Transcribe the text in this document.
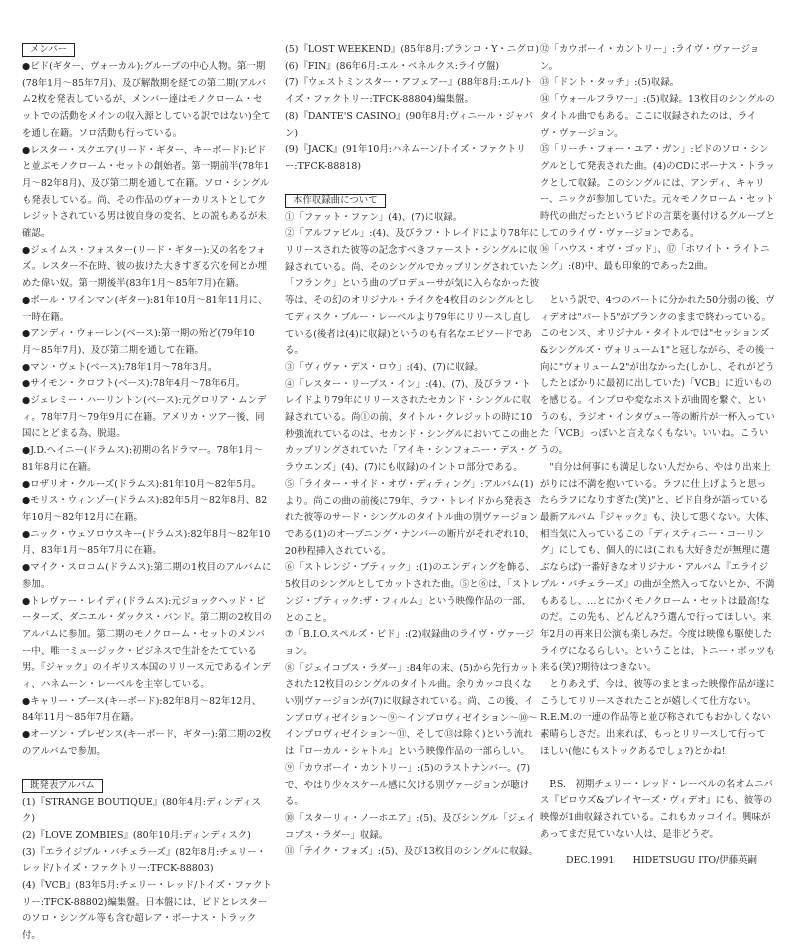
メンバー
●ピド(ギター、ヴォーカル):グループの中心人物。第一期(78年1月〜85年7月)、及び解散期を経ての第二期(アルバム2枚を発表しているが、メンバー達はモノクローム・セットでの活動をメインの収入源としている訳ではない)全てを通し在籍。ソロ活動も行っている。
●レスター・スクエア(リード・ギター、キーボード):ビドと並ぶモノクローム・セットの創始者。第一期前半(78年1月〜82年8月)、及び第二期を通して在籍。ソロ・シングルも発表している。尚、その作品のヴォーカリストとしてクレジットされている男は彼自身の変名、との説もあるが未確認。
●ジェイムス・フォスター(リード・ギター):又の名をフォズ。レスター不在時、彼の抜けた大きすぎる穴を何とか埋めた偉い奴。第一期後半(83年1月〜85年7月)在籍。
●ボール・ワインマン(ギター):81年10月〜81年11月に、一時在籍。
●アンディ・ウォーレン(ベース):第一期の殆ど(79年10月〜85年7月)、及び第二期を通して在籍。
●マン・ヴェト(ベース):78年1月〜78年3月。
●サイモン・クロフト(ベース):78年4月〜78年6月。
●ジェレミー・ハーリントン(ベース):元グロリア・ムンディ。78年7月〜79年9月に在籍。アメリカ・ツアー後、同国にとどまる為、脱退。
●J.D.ヘイニー(ドラムス):初期の名ドラマー。78年1月〜81年8月に在籍。
●ロザリオ・クルーズ(ドラムス):81年10月〜82年5月。
●モリス・ウィンゾー(ドラムス):82年5月〜82年8月、82年10月〜82年12月に在籍。
●ニック・ウェソロウスキー(ドラムス):82年8月〜82年10月、83年1月〜85年7月に在籍。
●マイク・スロコム(ドラムス):第二期の1枚目のアルバムに参加。
●トレヴァー・レイディ(ドラムス):元ジョックヘッド・ピーターズ、ダニエル・ダックス・バンド。第二期の2枚目のアルバムに参加。第二期のモノクローム・セットのメンバー中、唯一ミュージック・ビジネスで生計をたてている男。『ジャック』のイギリス本国のリリース元であるインディ、ハネムーン・レーベルを主宰している。
●キャリー・ブース(キーボード):82年8月〜82年12月、84年11月〜85年7月在籍。
●オーソン・プレゼンス(キーボード、ギター):第二期の2枚のアルバムで参加。
既発表アルバム
(1)『STRANGE BOUTIQUE』(80年4月:ディンディスク)
(2)『LOVE ZOMBIES』(80年10月:ディンディスク)
(3)『エライジブル・バチェラーズ』(82年8月:チェリー・レッド/トイズ・ファクトリー:TFCK-88803)
(4)『VCB』(83年5月:チェリー・レッド/トイズ・ファクトリー:TFCK-88802)編集盤。日本盤には、ビドとレスターのソロ・シングル等も含む超レア・ボーナス・トラック付。
(5)『LOST WEEKEND』(85年8月:ブランコ・Y・ニグロ)
(6)『FIN』(86年6月:エル・ベネルクス:ライヴ盤)
(7)『ウェストミンスター・アフェアー』(88年8月:エル/トイズ・ファクトリー:TFCK-88804)編集盤。
(8)『DANTE'S CASINO』(90年8月:ヴィニール・ジャパン)
(9)『JACK』(91年10月:ハネムーン/トイズ・ファクトリー:TFCK-88818)
本作収録曲について
①「ファット・ファン」(4)、(7)に収録。
②「アルファビル」:(4)、及びラフ・トレイドにより78年にリリースされた彼等の記念すべきファースト・シングルに収録されている。尚、そのシングルでカップリングされていた「フランク」という曲のプロデューサが気に入らなかった彼等は、その幻のオリジナル・テイクを4枚目のシングルとしてディスク・ブルー・レーベルより79年にリリースし直している(後者は(4)に収録)というのも有名なエピソードである。
③「ヴィヴァ・デス・ロウ」:(4)、(7)に収録。
④「レスター・リープス・イン」:(4)、(7)、及びラフ・トレイドより79年にリリースされたセカンド・シングルに収録されている。尚①の前、タイトル・クレジットの時に10秒強流れているのは、セカンド・シングルにおいてこの曲とカップリングされていた「アイキ・シンフォニー・デス・グラウエンズ」(4)、(7)にも収録)のイントロ部分である。
⑤「ライター・サイド・オヴ・ディティング」:アルバム(1)より。尚この曲の前後に79年、ラフ・トレイドから発表された彼等のサード・シングルのタイトル曲の別ヴァージョンである(1)のオープニング・ナンバーの断片がそれぞれ10、20秒程挿入されている。
⑥「ストレンジ・ブティック」:(1)のエンディングを飾る、5枚目のシングルとしてカットされた曲。⑤と⑥は、「ストレンジ・ブティック:ザ・フィルム」という映像作品の一部、とのこと。
⑦「B.I.O.スペルズ・ビド」:(2)収録曲のライヴ・ヴァージョン。
⑧「ジェイコブス・ラダー」:84年の末、(5)から先行カットされた12枚目のシングルのタイトル曲。余りカッコ良くない別ヴァージョンが(7)に収録されている。尚、この後、インプロヴィゼイション〜⑨〜インプロヴィゼイション〜⑩〜インプロヴィゼイション〜⑪、そして⑬は除く)という流れは『ローカル・シャトル』という映像作品の一部らしい。
⑨「カウボーイ・カントリー」:(5)のラストナンバー。(7)で、やはり少々スケール感に欠ける別ヴァージョンが聴ける。
⑩「スターリィ・ノーホエア」:(5)、及びシングル「ジェイコブス・ラダー」収録。
⑪「テイク・フォズ」:(5)、及び13枚目のシングルに収録。
⑫「カウボーイ・カントリー」:ライヴ・ヴァージョン。
⑬「ドント・タッチ」:(5)収録。
⑭「ウォールフラワー」:(5)収録。13枚目のシングルのタイトル曲でもある。ここに収録されたのは、ライヴ・ヴァージョン。
⑮「リーチ・フォー・ユア・ガン」:ビドのソロ・シングルとして発表された曲。(4)のCDにボーナス・トラックとして収録。このシングルには、アンディ、キャリー、ニックが参加していた。元々モノクローム・セット時代の曲だったというビドの言葉を裏付けるグループとしてのライヴ・ヴァージョンである。
⑯「ハウス・オヴ・ゴッド」、⑰「ホワイト・ライトニング」:(8)中、最も印象的であった2曲。

　という訳で、4つのパートに分かれた50分弱の後、ヴィデオは"パート5"がブランクのままで終わっている。このセンス、オリジナル・タイトルでは"セッションズ&シングルズ・ヴォリューム1"と冠しながら、その後一向に"ヴォリューム2"が出なかった(しかし、それがどうしたとばかりに最初に出していた)「VCB」に近いものを感じる。インプロや変なホストが曲間を繋ぐ、というのも、ラジオ・インタヴュー等の断片が一杯入っていた「VCB」っぽいと言えなくもない。いいね。こういうの。

　"自分は何事にも満足しない人だから、やはり出来上がりには不満を抱いている。ラフに仕上げようと思ったらラフになりすぎた(笑)"と、ビド自身が語っている最新アルバム『ジャック』も、決して悪くない。大体、相当気に入っているこの「ディスティニー・コーリング」にしても、個人的には(これも大好きだが無理に選ぶならば)一番好きなオリジナル・アルバム『エライジブル・バチェラーズ』の曲が全然入ってないとか、不満もあるし、…とにかくモノクローム・セットは最高!なのだ。この先も、どんどん?う選んで行ってほしい。来年2月の再来日公演も楽しみだ。今度は映像も駆使したライヴになるらしい。ということは、トニー・ボッツも来る(笑)?期待はつきない。

　とりあえず、今は、彼等のまとまった映像作品が遂にこうしてリリースされたことが嬉しくて仕方ない。R.E.M.の一連の作品等と並び称されてもおかしくない素晴らしさだ。出来れば、もっとリリースして行ってほしい(他にもストックあるでしょ?)とかね!

　P.S.　初期チェリー・レッド・レーベルの名オムニバス『ピロウズ&プレイヤーズ・ヴィデオ』にも、彼等の映像が1曲収録されている。これもカッコイイ。興味があってまだ見ていない人は、是非どうぞ。

DEC.1991 HIDETSUGU ITO/伊藤英嗣
